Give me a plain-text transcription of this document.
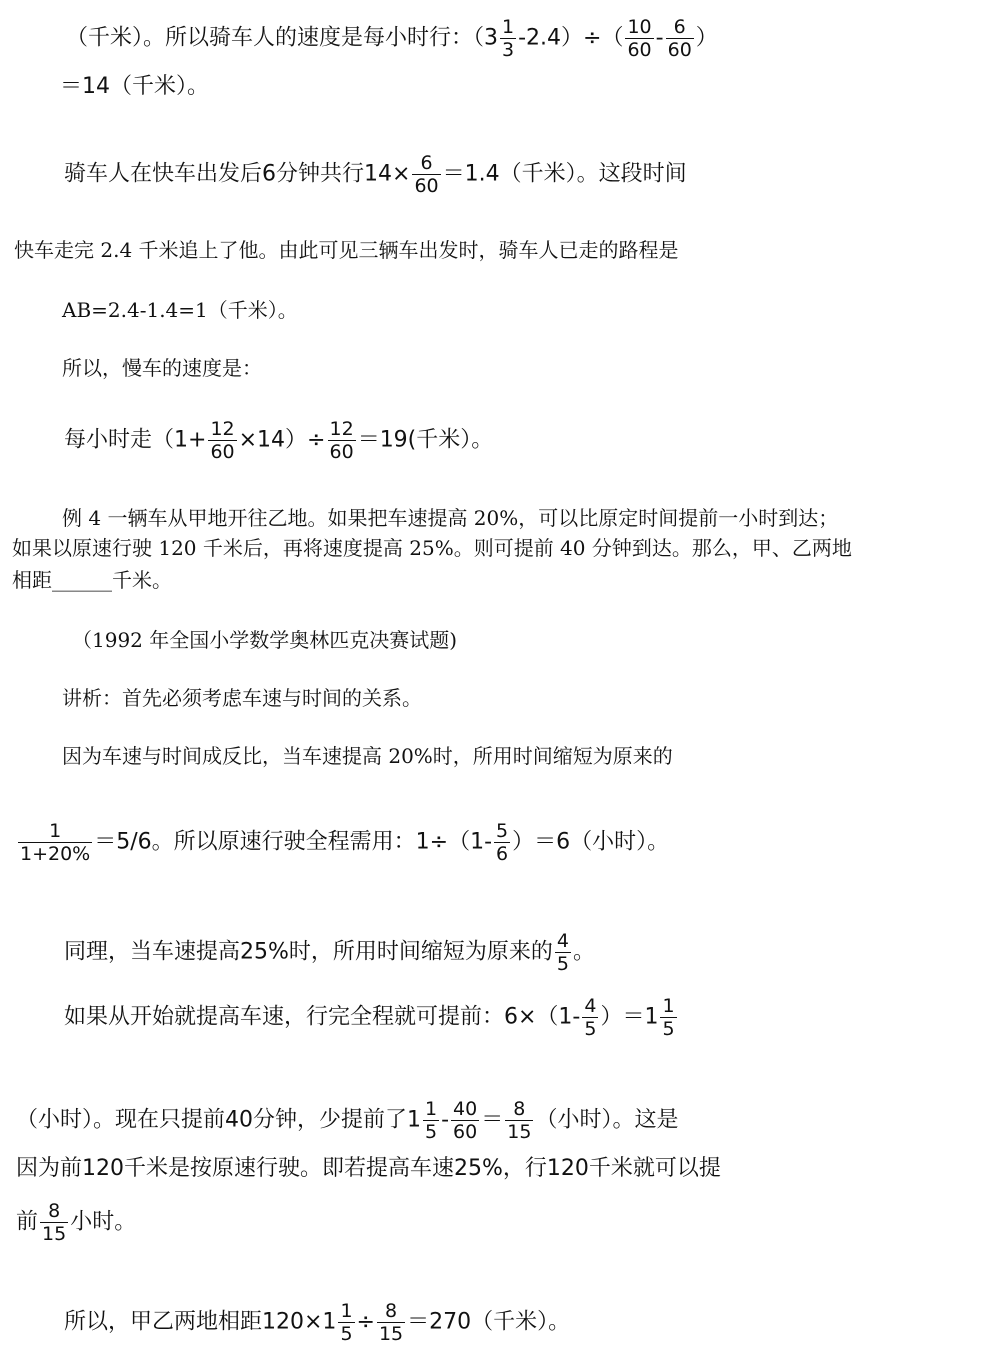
（千米）。所以骑车人的速度是每小时行：$(3 \frac{1}{3} -2.4)\div( \frac{10}{60} - \frac{6}{60}$ ）
＝14（千米）。
骑车人在快车出发后6分钟共行$14\times \frac{6}{60} =1.4$（千米）。这段时间
快车走完 2.4 千米追上了他。由此可见三辆车出发时，骑车人已走的路程是
AB=2.4-1.4=1（千米）。
所以，慢车的速度是：
每小时走$(1+ \frac{12}{60} \times 14)\div \frac{12}{60} =19$(千米）。
例 4 一辆车从甲地开往乙地。如果把车速提高 20%，可以比原定时间提前一小时到达；
如果以原速行驶 120 千米后，再将速度提高 25%。则可提前 40 分钟到达。那么，甲、乙两地
相距______千米。
（1992 年全国小学数学奥林匹克决赛试题)
讲析：首先必须考虑车速与时间的关系。
因为车速与时间成反比，当车速提高 20%时，所用时间缩短为原来的
$\frac{1}{1+20\%} =5/6$。所以原速行驶全程需用：$1\div(1- \frac{5}{6} )=6$（小时）。
同理，当车速提高25%时，所用时间缩短为原来的 $\frac{4}{5}$ 。
如果从开始就提高车速，行完全程就可提前：$6\times(1- \frac{4}{5} )=1 \frac{1}{5}$
（小时）。现在只提前40分钟，少提前了$1 \frac{1}{5} - \frac{40}{60} = \frac{8}{15}$ （小时）。这是
因为前120千米是按原速行驶。即若提高车速25%，行120千米就可以提
前 $\frac{8}{15}$ 小时。
所以，甲乙两地相距$120\times 1 \frac{1}{5} \div \frac{8}{15} =270$（千米）。
